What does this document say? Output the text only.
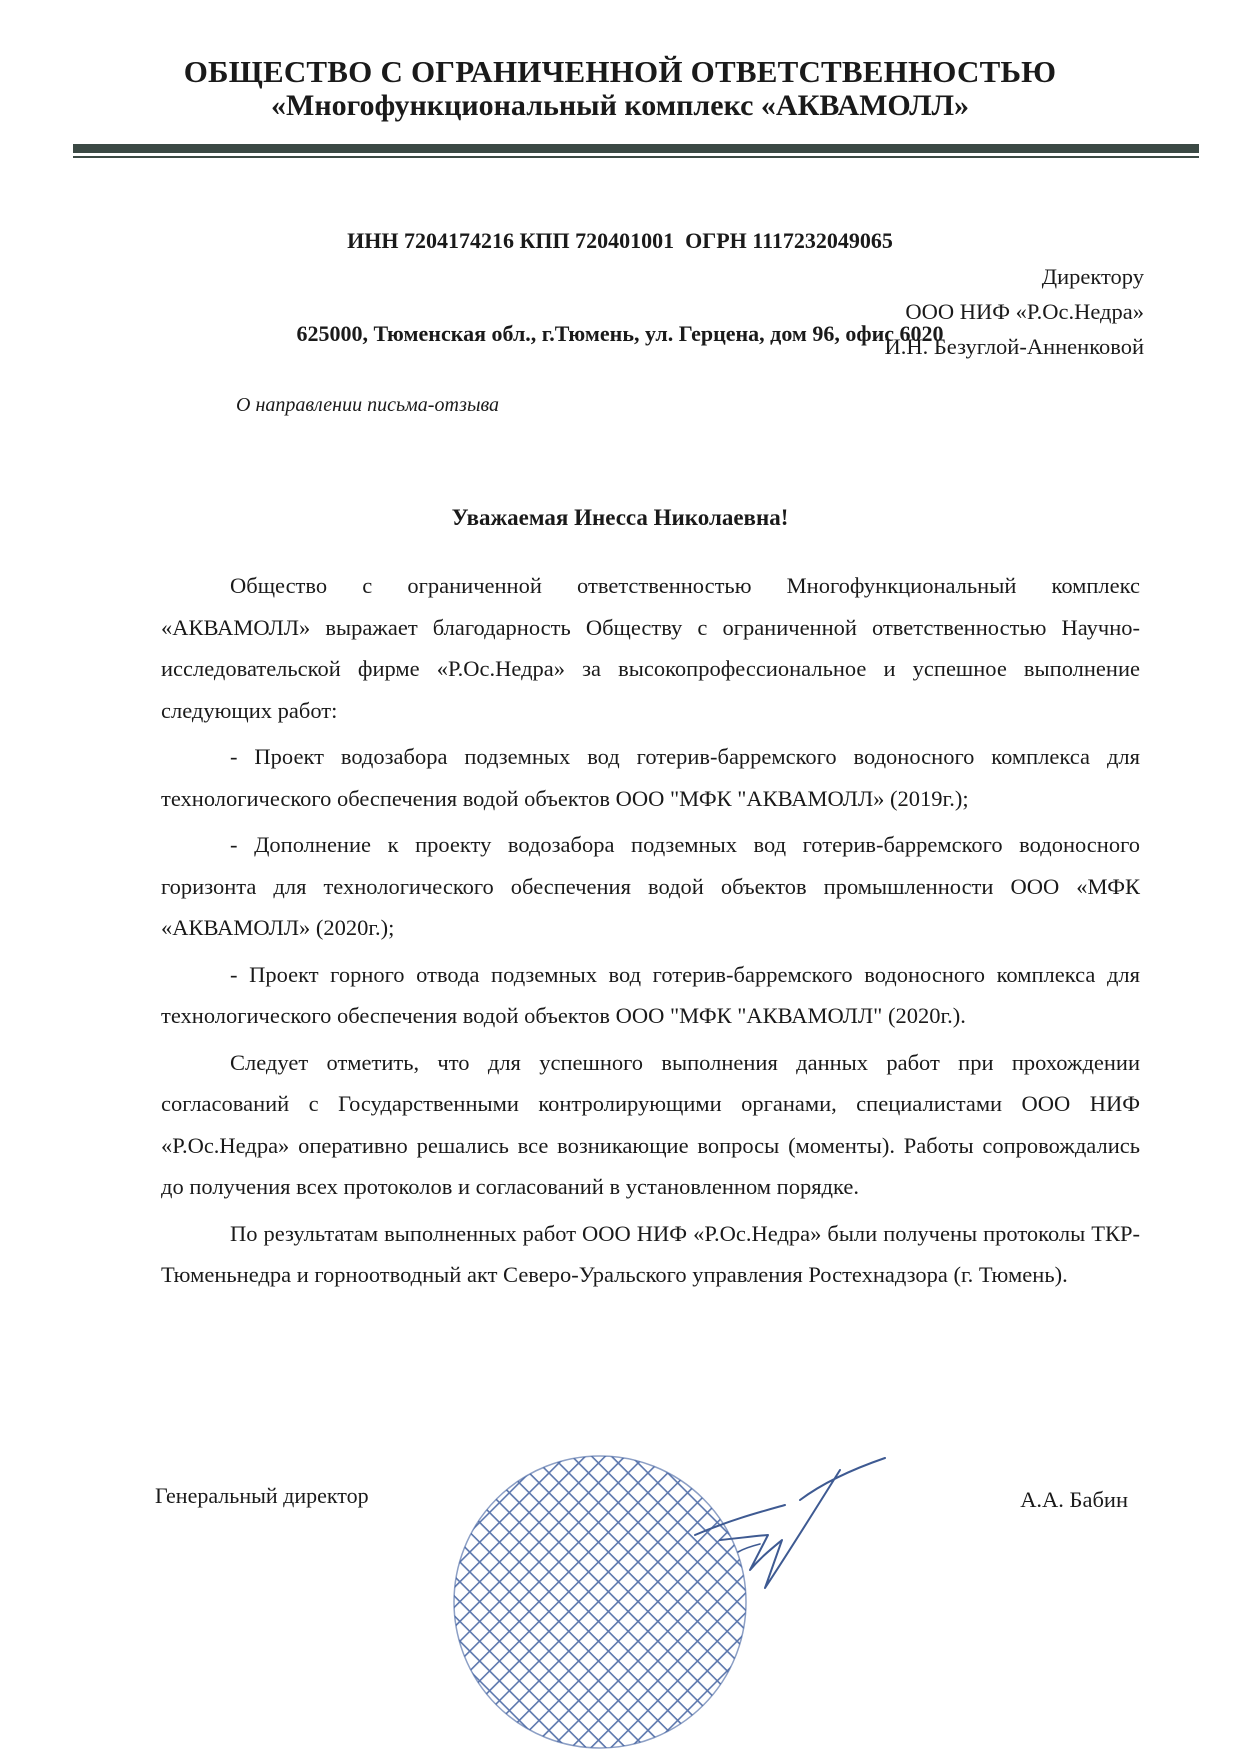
ОБЩЕСТВО С ОГРАНИЧЕННОЙ ОТВЕТСТВЕННОСТЬЮ
«Многофункциональный комплекс «АКВАМОЛЛ»

ИНН 7204174216 КПП 720401001  ОГРН 1117232049065

625000, Тюменская обл., г.Тюмень, ул. Герцена, дом 96, офис 6020

Директору
ООО НИФ «Р.Ос.Недра»
И.Н. Безуглой-Анненковой
О направлении письма-отзыва
Уважаемая Инесса Николаевна!

Общество с ограниченной ответственностью Многофункциональный комплекс «АКВАМОЛЛ» выражает благодарность Обществу с ограниченной ответственностью Научно-исследовательской фирме «Р.Ос.Недра» за высокопрофессиональное и успешное выполнение следующих работ:

- Проект водозабора подземных вод готерив-барремского водоносного комплекса для технологического обеспечения водой объектов ООО "МФК "АКВАМОЛЛ» (2019г.);

- Дополнение к проекту водозабора подземных вод готерив-барремского водоносного горизонта для технологического обеспечения водой объектов промышленности ООО «МФК «АКВАМОЛЛ» (2020г.);

- Проект горного отвода подземных вод готерив-барремского водоносного комплекса для технологического обеспечения водой объектов ООО "МФК "АКВАМОЛЛ" (2020г.).

Следует отметить, что для успешного выполнения данных работ при прохождении согласований с Государственными контролирующими органами, специалистами ООО НИФ «Р.Ос.Недра» оперативно решались все возникающие вопросы (моменты). Работы сопровождались до получения всех протоколов и согласований в установленном порядке.

По результатам выполненных работ ООО НИФ «Р.Ос.Недра» были получены протоколы ТКР-Тюменьнедра и горноотводный акт Северо-Уральского управления Ростехнадзора (г. Тюмень).

Генеральный директор	А.А. Бабин
